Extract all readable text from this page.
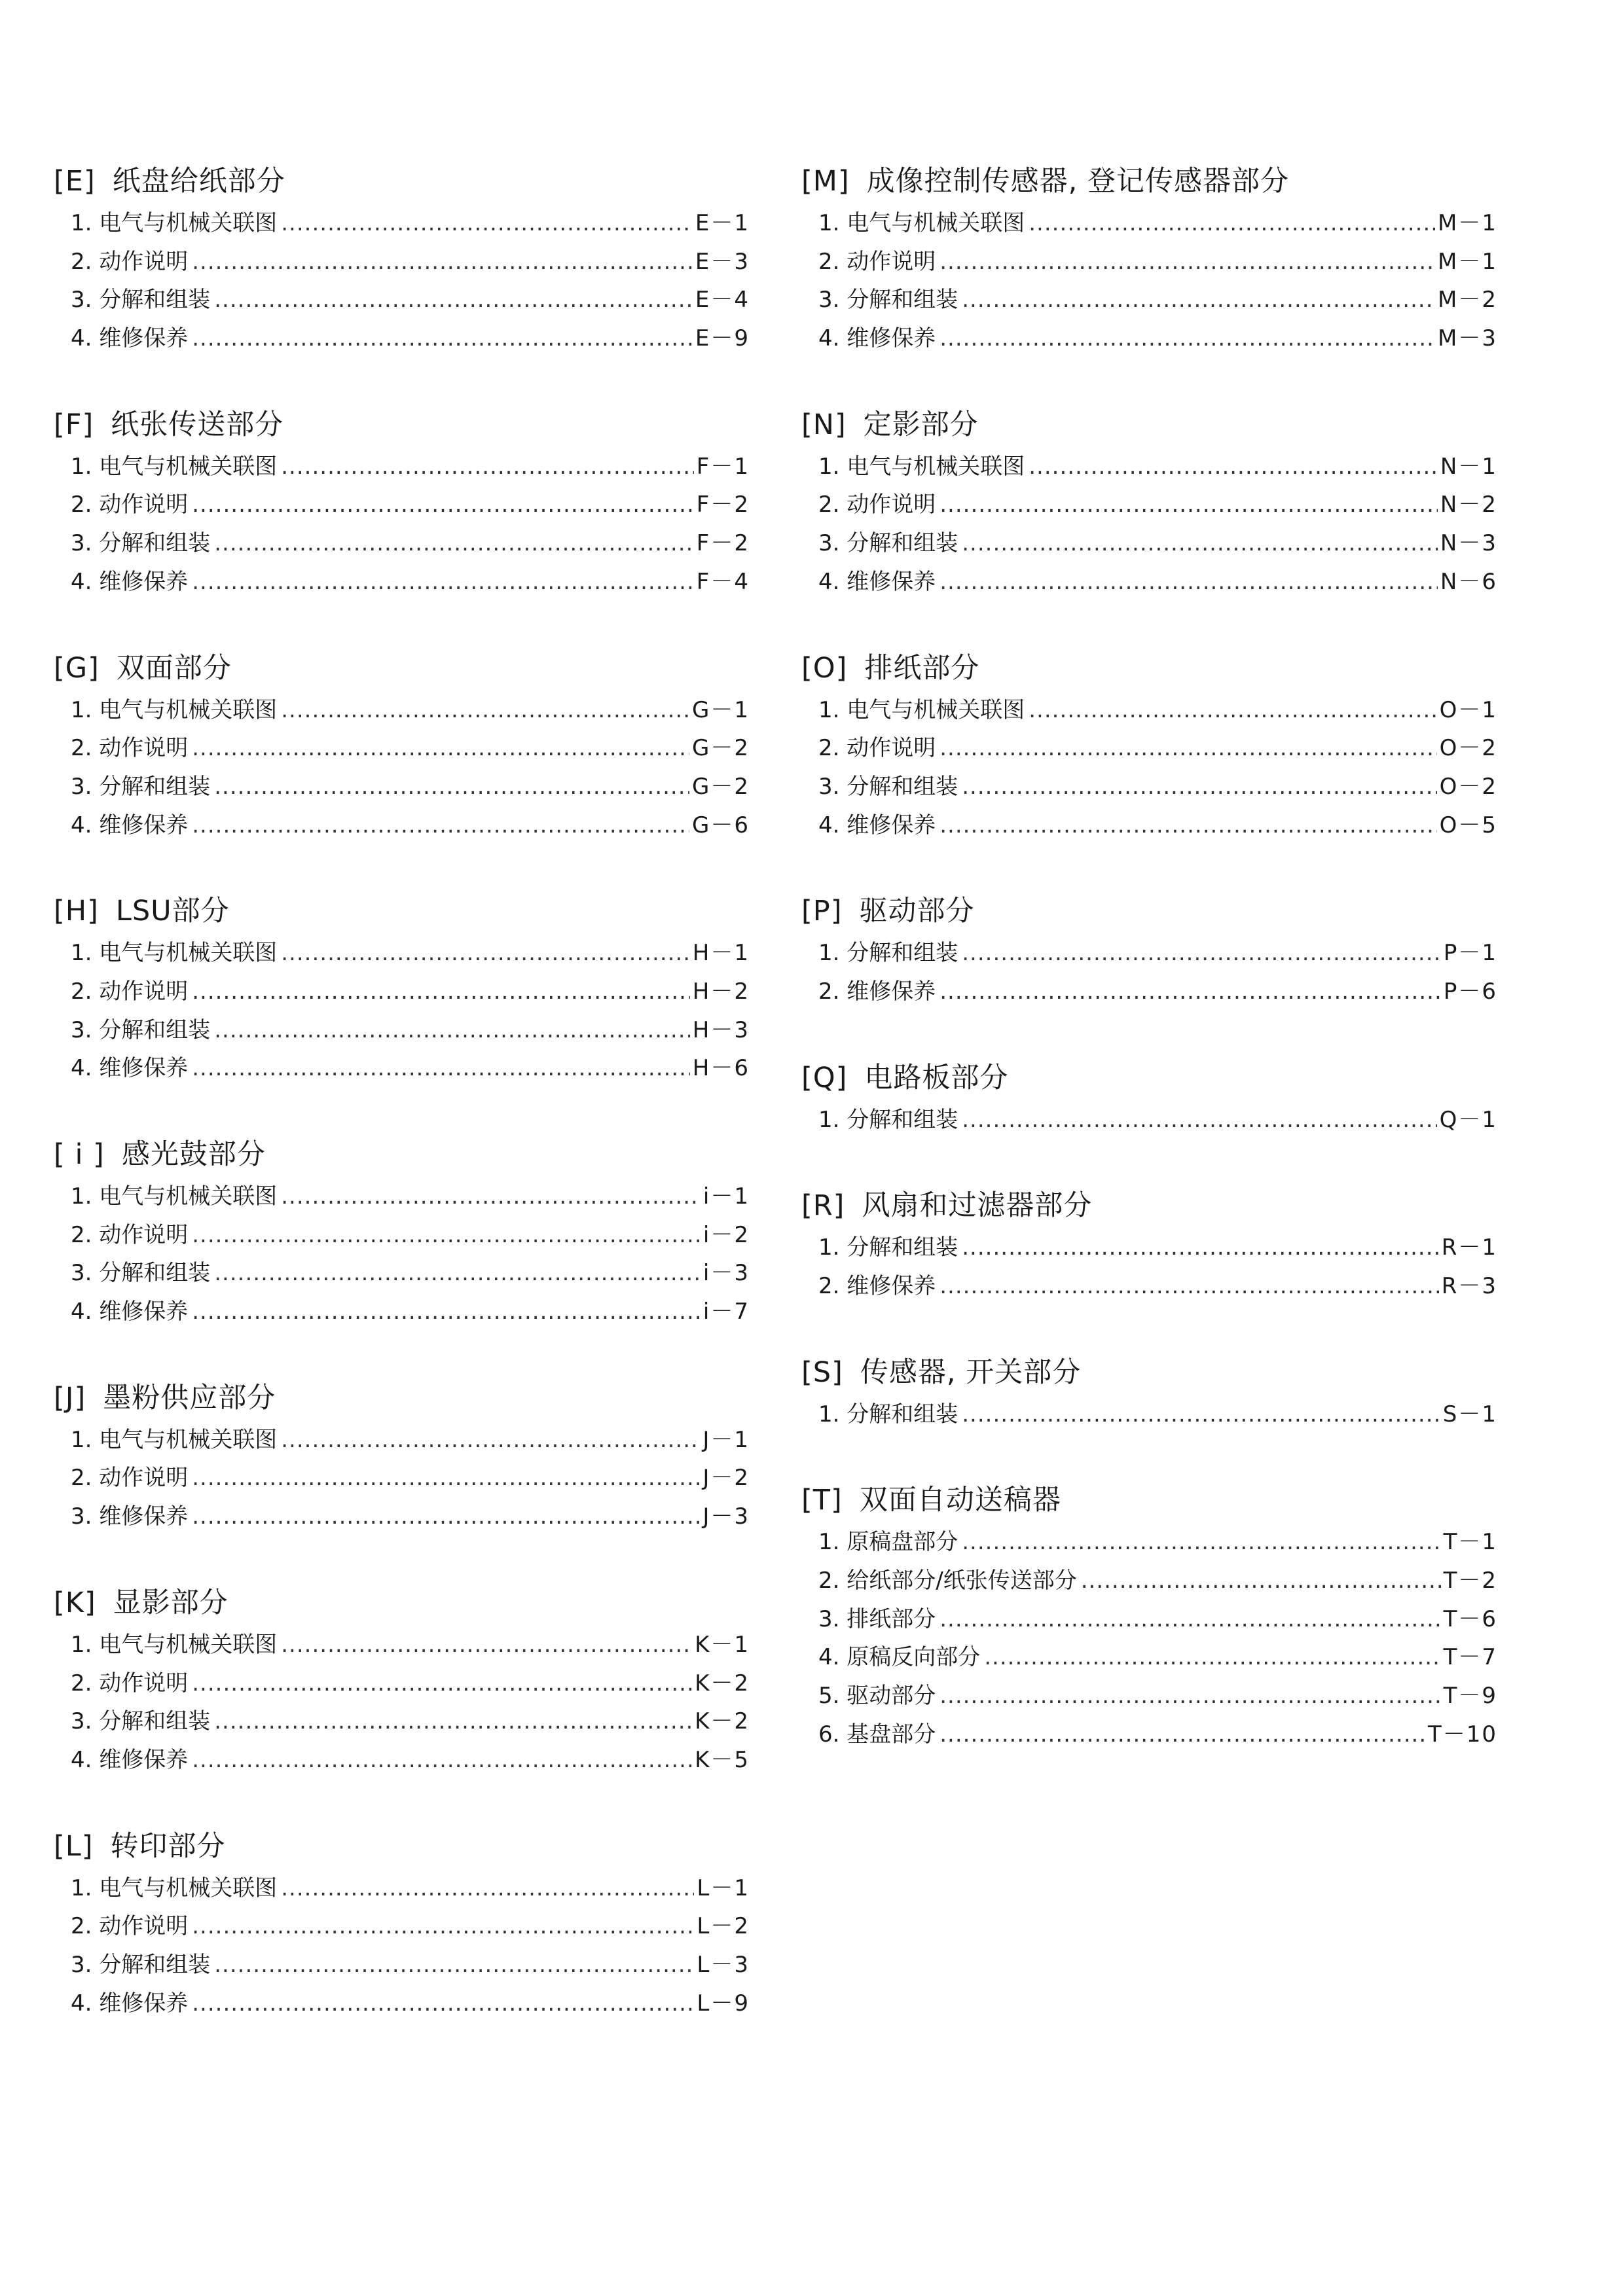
[E] 纸盘给纸部分
1. 电气与机械关联图 .....	E－1
2. 动作说明 .....	E－3
3. 分解和组装 .....	E－4
4. 维修保养 .....	E－9
[F] 纸张传送部分
1. 电气与机械关联图 .....	F－1
2. 动作说明 .....	F－2
3. 分解和组装 .....	F－2
4. 维修保养 .....	F－4
[G] 双面部分
1. 电气与机械关联图 .....	G－1
2. 动作说明 .....	G－2
3. 分解和组装 .....	G－2
4. 维修保养 .....	G－6
[H] LSU部分
1. 电气与机械关联图 .....	H－1
2. 动作说明 .....	H－2
3. 分解和组装 .....	H－3
4. 维修保养 .....	H－6
[ i ] 感光鼓部分
1. 电气与机械关联图 .....	i－1
2. 动作说明 .....	i－2
3. 分解和组装 .....	i－3
4. 维修保养 .....	i－7
[J] 墨粉供应部分
1. 电气与机械关联图 .....	J－1
2. 动作说明 .....	J－2
3. 维修保养 .....	J－3
[K] 显影部分
1. 电气与机械关联图 .....	K－1
2. 动作说明 .....	K－2
3. 分解和组装 .....	K－2
4. 维修保养 .....	K－5
[L] 转印部分
1. 电气与机械关联图 .....	L－1
2. 动作说明 .....	L－2
3. 分解和组装 .....	L－3
4. 维修保养 .....	L－9
[M] 成像控制传感器, 登记传感器部分
1. 电气与机械关联图 .....	M－1
2. 动作说明 .....	M－1
3. 分解和组装 .....	M－2
4. 维修保养 .....	M－3
[N] 定影部分
1. 电气与机械关联图 .....	N－1
2. 动作说明 .....	N－2
3. 分解和组装 .....	N－3
4. 维修保养 .....	N－6
[O] 排纸部分
1. 电气与机械关联图 .....	O－1
2. 动作说明 .....	O－2
3. 分解和组装 .....	O－2
4. 维修保养 .....	O－5
[P] 驱动部分
1. 分解和组装 .....	P－1
2. 维修保养 .....	P－6
[Q] 电路板部分
1. 分解和组装 .....	Q－1
[R] 风扇和过滤器部分
1. 分解和组装 .....	R－1
2. 维修保养 .....	R－3
[S] 传感器, 开关部分
1. 分解和组装 .....	S－1
[T] 双面自动送稿器
1. 原稿盘部分 .....	T－1
2. 给纸部分/纸张传送部分 .....	T－2
3. 排纸部分 .....	T－6
4. 原稿反向部分 .....	T－7
5. 驱动部分 .....	T－9
6. 基盘部分 .....	T－10
